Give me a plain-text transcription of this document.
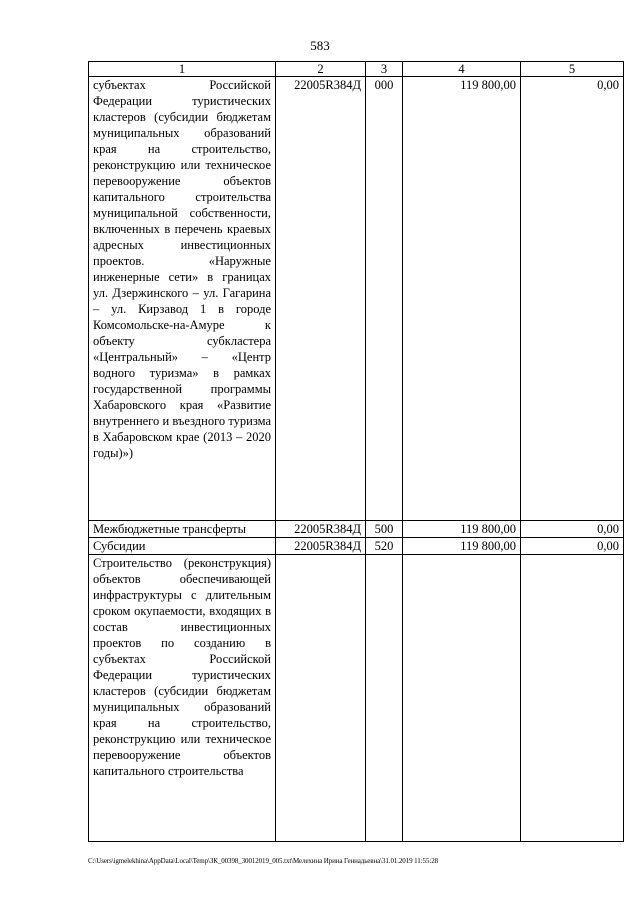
583
1	2	3	4	5
субъектах Российской Федерации туристических кластеров (субсидии бюджетам муниципальных образований края на строительство, реконструкцию или техническое перевооружение объектов капитального строительства муниципальной собственности, включенных в перечень краевых адресных инвестиционных проектов. «Наружные инженерные сети» в границах ул. Дзержинского – ул. Гагарина – ул. Кирзавод 1 в городе Комсомольске-на-Амуре к объекту субкластера «Центральный» – «Центр водного туризма» в рамках государственной программы Хабаровского края «Развитие внутреннего и въездного туризма в Хабаровском крае (2013 – 2020 годы)»)	22005R384Д	000	119 800,00	0,00
Межбюджетные трансферты	22005R384Д	500	119 800,00	0,00
Субсидии	22005R384Д	520	119 800,00	0,00
Строительство (реконструкция) объектов обеспечивающей инфраструктуры с длительным сроком окупаемости, входящих в состав инвестиционных проектов по созданию в субъектах Российской Федерации туристических кластеров (субсидии бюджетам муниципальных образований края на строительство, реконструкцию или техническое перевооружение объектов капитального строительства				
C:\Users\igmelekhina\AppData\Local\Temp\ЗК_00398_30012019_005.txt\Мелехина Ирина Геннадьевна\31.01.2019 11:55:28
